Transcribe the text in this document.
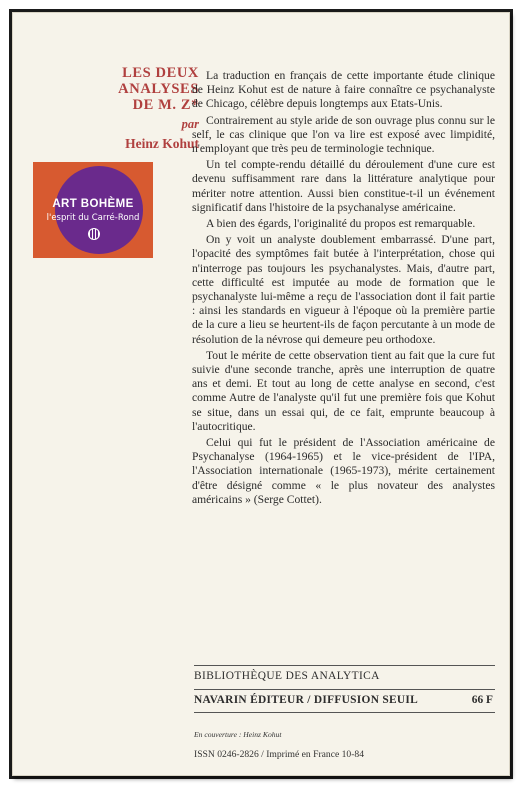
LES DEUX
ANALYSES
DE M. Z*
par
Heinz Kohut
ART BOHÈME
l'esprit du Carré-Rond

La traduction en français de cette importante étude clinique de Heinz Kohut est de nature à faire connaître ce psychanalyste de Chicago, célèbre depuis longtemps aux Etats-Unis.

Contrairement au style aride de son ouvrage plus connu sur le self, le cas clinique que l'on va lire est exposé avec limpidité, n'employant que très peu de terminologie technique.

Un tel compte-rendu détaillé du déroulement d'une cure est devenu suffisamment rare dans la littérature analytique pour mériter notre attention. Aussi bien constitue-t-il un événement significatif dans l'histoire de la psychanalyse américaine.

A bien des égards, l'originalité du propos est remarquable.

On y voit un analyste doublement embarrassé. D'une part, l'opacité des symptômes fait butée à l'interprétation, chose qui n'interroge pas toujours les psychanalystes. Mais, d'autre part, cette difficulté est imputée au mode de formation que le psychanalyste lui-même a reçu de l'association dont il fait partie : ainsi les standards en vigueur à l'époque où la première partie de la cure a lieu se heurtent-ils de façon percutante à un mode de résolution de la névrose qui demeure peu orthodoxe.

Tout le mérite de cette observation tient au fait que la cure fut suivie d'une seconde tranche, après une interruption de quatre ans et demi. Et tout au long de cette analyse en second, c'est comme Autre de l'analyste qu'il fut une première fois que Kohut se situe, dans un essai qui, de ce fait, emprunte beaucoup à l'autocritique.

Celui qui fut le président de l'Association américaine de Psychanalyse (1964-1965) et le vice-président de l'IPA, l'Association internationale (1965-1973), mérite certainement d'être désigné comme « le plus novateur des analystes américains » (Serge Cottet).

BIBLIOTHÈQUE DES ANALYTICA
NAVARIN ÉDITEUR / DIFFUSION SEUIL	66 F
En couverture : Heinz Kohut
ISSN 0246-2826 / Imprimé en France 10-84
